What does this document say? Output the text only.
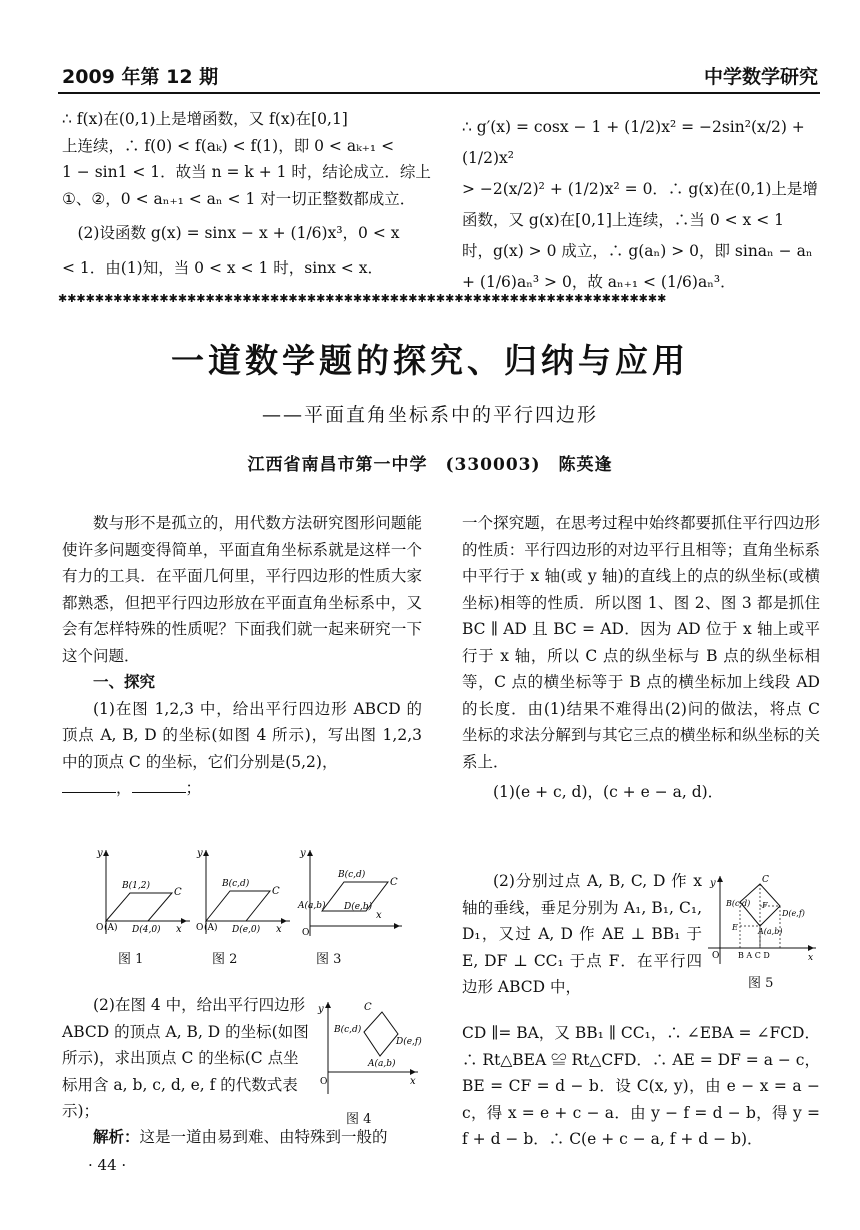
2009 年第 12 期	中学数学研究
∴ f(x)在(0,1)上是增函数，又 f(x)在[0,1]
上连续，∴ f(0) < f(aₖ) < f(1)，即 0 < aₖ₊₁ <
1 − sin1 < 1．故当 n = k + 1 时，结论成立．综上
①、②，0 < aₙ₊₁ < aₙ < 1 对一切正整数都成立．
　(2)设函数 g(x) = sinx − x + (1/6)x³，0 < x
< 1．由(1)知，当 0 < x < 1 时，sinx < x．
∴ g′(x) = cosx − 1 + (1/2)x² = −2sin²(x/2) + (1/2)x²
> −2(x/2)² + (1/2)x² = 0．∴ g(x)在(0,1)上是增
函数，又 g(x)在[0,1]上连续，∴当 0 < x < 1
时，g(x) > 0 成立，∴ g(aₙ) > 0，即 sinaₙ − aₙ
+ (1/6)aₙ³ > 0，故 aₙ₊₁ < (1/6)aₙ³．
✱✱✱✱✱✱✱✱✱✱✱✱✱✱✱✱✱✱✱✱✱✱✱✱✱✱✱✱✱✱✱✱✱✱✱✱✱✱✱✱✱✱✱✱✱✱✱✱✱✱✱✱✱✱✱✱✱✱✱✱✱✱✱✱✱✱
一道数学题的探究、归纳与应用
——平面直角坐标系中的平行四边形
江西省南昌市第一中学　(330003)　陈英逢

数与形不是孤立的，用代数方法研究图形问题能使许多问题变得简单，平面直角坐标系就是这样一个有力的工具．在平面几何里，平行四边形的性质大家都熟悉，但把平行四边形放在平面直角坐标系中，又会有怎样特殊的性质呢？下面我们就一起来研究一下这个问题．

一、探究

(1)在图 1,2,3 中，给出平行四边形 ABCD 的顶点 A, B, D 的坐标(如图 4 所示)，写出图 1,2,3 中的顶点 C 的坐标，它们分别是(5,2)，

，	；

y
B(1,2)
C
O (A) D(4,0) x
图 1
y
B(c,d)
C
O (A) D(e,0) x
图 2
y
B(c,d)
C
A(a,b) D(e,b)
O
x
图 3

(2)在图 4 中，给出平行四边形 ABCD 的顶点 A, B, D 的坐标(如图所示)，求出顶点 C 的坐标(C 点坐标用含 a, b, c, d, e, f 的代数式表示)；

y	C
B(c,d)
D(e,f)
A(a,b)
O	x
图 4

解析：这是一道由易到难、由特殊到一般的

一个探究题，在思考过程中始终都要抓住平行四边形的性质：平行四边形的对边平行且相等；直角坐标系中平行于 x 轴(或 y 轴)的直线上的点的纵坐标(或横坐标)相等的性质．所以图 1、图 2、图 3 都是抓住 BC ∥ AD 且 BC = AD．因为 AD 位于 x 轴上或平行于 x 轴，所以 C 点的纵坐标与 B 点的纵坐标相等，C 点的横坐标等于 B 点的横坐标加上线段 AD 的长度．由(1)结果不难得出(2)问的做法，将点 C 坐标的求法分解到与其它三点的横坐标和纵坐标的关系上．

(1)(e + c, d)，(c + e − a, d)．

(2)分别过点 A, B, C, D 作 x 轴的垂线，垂足分别为 A₁, B₁, C₁, D₁，又过 A, D 作 AE ⊥ BB₁ 于 E, DF ⊥ CC₁ 于点 F．在平行四边形 ABCD 中，

y	C
B(c,d) F
D(e,f)
E	A(a,b)
O B A C D	x
图 5

CD ∥= BA，又 BB₁ ∥ CC₁，∴ ∠EBA = ∠FCD．∴ Rt△BEA ≌ Rt△CFD．∴ AE = DF = a − c，BE = CF = d − b．设 C(x, y)，由 e − x = a − c，得 x = e + c − a．由 y − f = d − b，得 y = f + d − b．∴ C(e + c − a, f + d − b)．

· 44 ·
